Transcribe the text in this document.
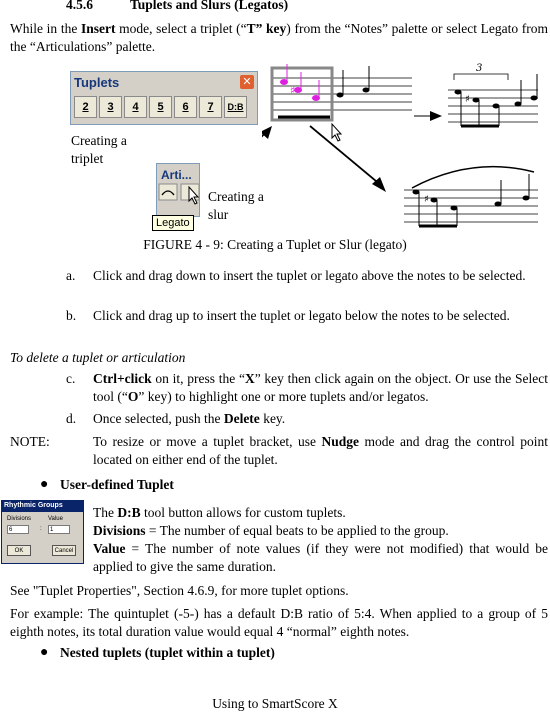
4.5.6	Tuplets and Slurs (Legatos)
While in the Insert mode, select a triplet (“T” key) from the “Notes” palette or select Legato from the “Articulations” palette.
Tuplets	✕
2	3	4	5	6	7	D:B
Creating a
triplet
Arti...
Legato
Creating a
slur
♯
3
♯
♯
FIGURE 4 - 9: Creating a Tuplet or Slur (legato)
a. Click and drag down to insert the tuplet or legato above the notes to be selected.
b. Click and drag up to insert the tuplet or legato below the notes to be selected.
To delete a tuplet or articulation
c. Ctrl+click on it, press the “X” key then click again on the object. Or use the Select tool (“O” key) to highlight one or more tuplets and/or legatos.
d. Once selected, push the Delete key.
NOTE:	To resize or move a tuplet bracket, use Nudge mode and drag the control point located on either end of the tuplet.
● User-defined Tuplet
Rhythmic Groups
Divisions	Value
6	:	1
OK	Cancel
The D:B tool button allows for custom tuplets.
Divisions = The number of equal beats to be applied to the group.
Value = The number of note values (if they were not modified) that would be applied to give the same duration.
See "Tuplet Properties", Section 4.6.9, for more tuplet options.
For example: The quintuplet (-5-) has a default D:B ratio of 5:4. When applied to a group of 5 eighth notes, its total duration value would equal 4 “normal” eighth notes.
● Nested tuplets (tuplet within a tuplet)
Using to SmartScore X
